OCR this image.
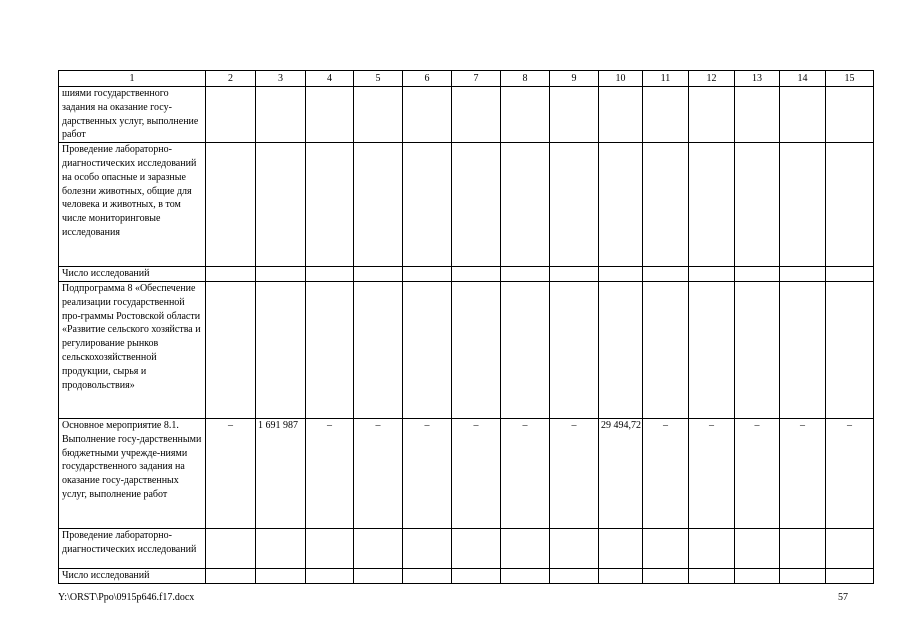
1	2	3	4	5	6	7	8	9	10	11	12	13	14	15
шиями государственного задания на оказание госу-дарственных услуг, выполнение работ														
Проведение лабораторно-диагностических исследований на особо опасные и заразные болезни животных, общие для человека и животных, в том числе мониторинговые исследования														
Число исследований														
Подпрограмма 8 «Обеспечение реализации государственной про-граммы Ростовской области «Развитие сельского хозяйства и регулирование рынков сельскохозяйственной продукции, сырья и продовольствия»														
Основное мероприятие 8.1. Выполнение госу-дарственными бюджетными учрежде-ниями государственного задания на оказание госу-дарственных услуг, выполнение работ	–	1 691 987	–	–	–	–	–	–	29 494,72	–	–	–	–	–
Проведение лабораторно-диагностических исследований														
Число исследований														
Y:\ORST\Ppo\0915p646.f17.docx	57
